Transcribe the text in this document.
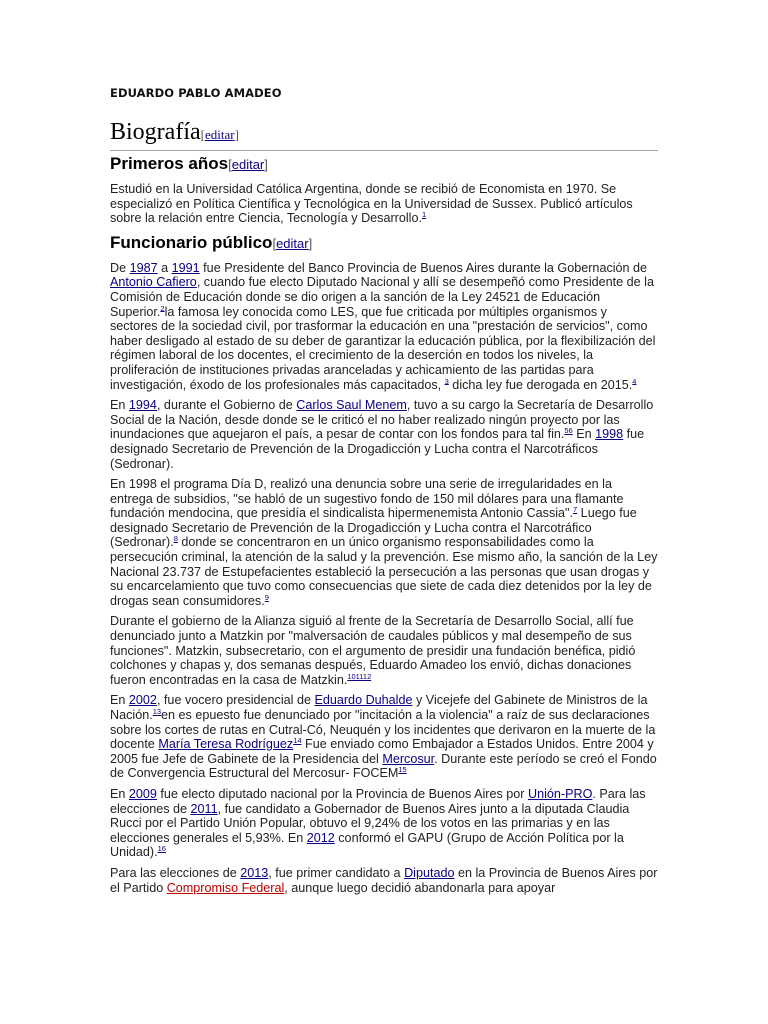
EDUARDO PABLO AMADEO
Biografía[editar]
Primeros años[editar]

Estudió en la Universidad Católica Argentina, donde se recibió de Economista en 1970. Se especializó en Política Científica y Tecnológica en la Universidad de Sussex. Publicó artículos sobre la relación entre Ciencia, Tecnología y Desarrollo.$^1$

Funcionario público[editar]

De 1987 a 1991 fue Presidente del Banco Provincia de Buenos Aires durante la Gobernación de Antonio Cafiero, cuando fue electo Diputado Nacional y allí se desempeñó como Presidente de la Comisión de Educación donde se dio origen a la sanción de la Ley 24521 de Educación Superior.$^2$la famosa ley conocida como LES, que fue criticada por múltiples organismos y sectores de la sociedad civil, por trasformar la educación en una "prestación de servicios", como haber desligado al estado de su deber de garantizar la educación pública, por la flexibilización del régimen laboral de los docentes, el crecimiento de la deserción en todos los niveles, la proliferación de instituciones privadas aranceladas y achicamiento de las partidas para investigación, éxodo de los profesionales más capacitados, $^3$ dicha ley fue derogada en 2015.$^4$

En 1994, durante el Gobierno de Carlos Saul Menem, tuvo a su cargo la Secretaría de Desarrollo Social de la Nación, desde donde se le criticó el no haber realizado ningún proyecto por las inundaciones que aquejaron el país, a pesar de contar con los fondos para tal fin.$^{56}$ En 1998 fue designado Secretario de Prevención de la Drogadicción y Lucha contra el Narcotráficos (Sedronar).

En 1998 el programa Día D, realizó una denuncia sobre una serie de irregularidades en la entrega de subsidios, "se habló de un sugestivo fondo de 150 mil dólares para una flamante fundación mendocina, que presidía el sindicalista hipermenemista Antonio Cassia".$^7$ Luego fue designado Secretario de Prevención de la Drogadicción y Lucha contra el Narcotráfico (Sedronar).$^8$ donde se concentraron en un único organismo responsabilidades como la persecución criminal, la atención de la salud y la prevención. Ese mismo año, la sanción de la Ley Nacional 23.737 de Estupefacientes estableció la persecución a las personas que usan drogas y su encarcelamiento que tuvo como consecuencias que siete de cada diez detenidos por la ley de drogas sean consumidores.$^9$

Durante el gobierno de la Alianza siguió al frente de la Secretaría de Desarrollo Social, allí fue denunciado junto a Matzkin por "malversación de caudales públicos y mal desempeño de sus funciones". Matzkin, subsecretario, con el argumento de presidir una fundación benéfica, pidió colchones y chapas y, dos semanas después, Eduardo Amadeo los envió, dichas donaciones fueron encontradas en la casa de Matzkin.$^{101112}$

En 2002, fue vocero presidencial de Eduardo Duhalde y Vicejefe del Gabinete de Ministros de la Nación.$^{13}$en es epuesto fue denunciado por "incitación a la violencia" a raíz de sus declaraciones sobre los cortes de rutas en Cutral-Có, Neuquén y los incidentes que derivaron en la muerte de la docente María Teresa Rodríguez$^{14}$ Fue enviado como Embajador a Estados Unidos. Entre 2004 y 2005 fue Jefe de Gabinete de la Presidencia del Mercosur. Durante este período se creó el Fondo de Convergencia Estructural del Mercosur- FOCEM$^{15}$

En 2009 fue electo diputado nacional por la Provincia de Buenos Aires por Unión-PRO. Para las elecciones de 2011, fue candidato a Gobernador de Buenos Aires junto a la diputada Claudia Rucci por el Partido Unión Popular, obtuvo el 9,24% de los votos en las primarias y en las elecciones generales el 5,93%. En 2012 conformó el GAPU (Grupo de Acción Política por la Unidad).$^{16}$

Para las elecciones de 2013, fue primer candidato a Diputado en la Provincia de Buenos Aires por el Partido Compromiso Federal, aunque luego decidió abandonarla para apoyar
